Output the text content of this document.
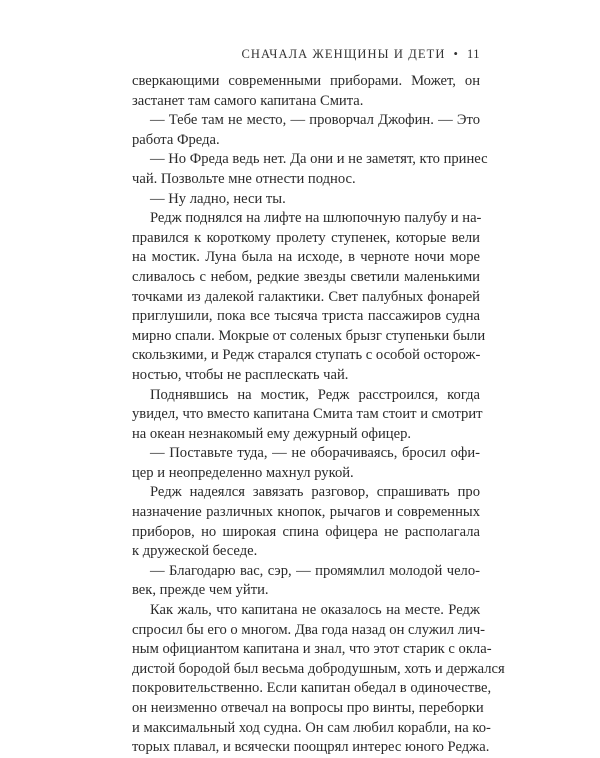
СНАЧАЛА ЖЕНЩИНЫ И ДЕТИ • 11
сверкающими современными приборами. Может, он
застанет там самого капитана Смита.
— Тебе там не место, — проворчал Джофин. — Это
работа Фреда.
— Но Фреда ведь нет. Да они и не заметят, кто принес
чай. Позвольте мне отнести поднос.
— Ну ладно, неси ты.
Редж поднялся на лифте на шлюпочную палубу и на-
правился к короткому пролету ступенек, которые вели
на мостик. Луна была на исходе, в черноте ночи море
сливалось с небом, редкие звезды светили маленькими
точками из далекой галактики. Свет палубных фонарей
приглушили, пока все тысяча триста пассажиров судна
мирно спали. Мокрые от соленых брызг ступеньки были
скользкими, и Редж старался ступать с особой осторож-
ностью, чтобы не расплескать чай.
Поднявшись на мостик, Редж расстроился, когда
увидел, что вместо капитана Смита там стоит и смотрит
на океан незнакомый ему дежурный офицер.
— Поставьте туда, — не оборачиваясь, бросил офи-
цер и неопределенно махнул рукой.
Редж надеялся завязать разговор, спрашивать про
назначение различных кнопок, рычагов и современных
приборов, но широкая спина офицера не располагала
к дружеской беседе.
— Благодарю вас, сэр, — промямлил молодой чело-
век, прежде чем уйти.
Как жаль, что капитана не оказалось на месте. Редж
спросил бы его о многом. Два года назад он служил лич-
ным официантом капитана и знал, что этот старик с окла-
дистой бородой был весьма добродушным, хоть и держался
покровительственно. Если капитан обедал в одиночестве,
он неизменно отвечал на вопросы про винты, переборки
и максимальный ход судна. Он сам любил корабли, на ко-
торых плавал, и всячески поощрял интерес юного Реджа.
